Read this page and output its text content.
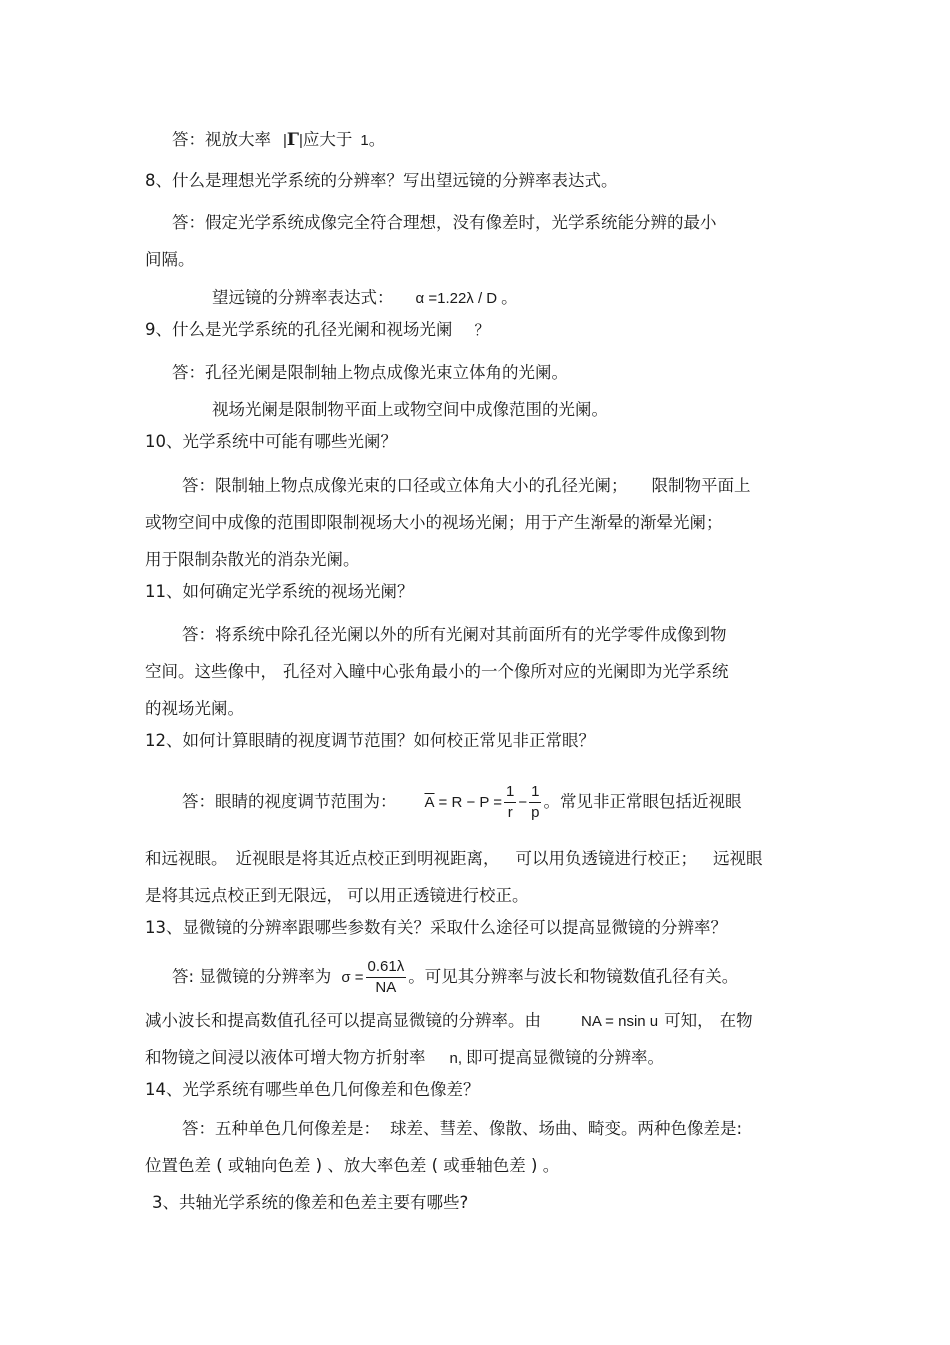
答：视放大率 |Γ|应大于 1。
8、什么是理想光学系统的分辨率？写出望远镜的分辨率表达式。
答：假定光学系统成像完全符合理想，没有像差时，光学系统能分辨的最小
间隔。
望远镜的分辨率表达式： α =1.22λ / D 。
9、什么是光学系统的孔径光阑和视场光阑 ？
答：孔径光阑是限制轴上物点成像光束立体角的光阑。
视场光阑是限制物平面上或物空间中成像范围的光阑。
10、光学系统中可能有哪些光阑？
答：限制轴上物点成像光束的口径或立体角大小的孔径光阑； 限制物平面上
或物空间中成像的范围即限制视场大小的视场光阑；用于产生渐晕的渐晕光阑；
用于限制杂散光的消杂光阑。
11、如何确定光学系统的视场光阑？
答：将系统中除孔径光阑以外的所有光阑对其前面所有的光学零件成像到物
空间。这些像中， 孔径对入瞳中心张角最小的一个像所对应的光阑即为光学系统
的视场光阑。
12、如何计算眼睛的视度调节范围？如何校正常见非正常眼？
答：眼睛的视度调节范围为： $\overline{A} = R - P = \frac{1}{r} - \frac{1}{p}$ 。常见非正常眼包括近视眼
和远视眼。 近视眼是将其近点校正到明视距离， 可以用负透镜进行校正； 远视眼
是将其远点校正到无限远， 可以用正透镜进行校正。
13、显微镜的分辨率跟哪些参数有关？采取什么途径可以提高显微镜的分辨率？
答: 显微镜的分辨率为 $\sigma = \frac{0.61\lambda}{NA}$ 。可见其分辨率与波长和物镜数值孔径有关。
减小波长和提高数值孔径可以提高显微镜的分辨率。由	NA = nsin u 可知， 在物
和物镜之间浸以液体可增大物方折射率 n, 即可提高显微镜的分辨率。
14、光学系统有哪些单色几何像差和色像差？
答：五种单色几何像差是： 球差、彗差、像散、场曲、畸变。两种色像差是:
位置色差 ( 或轴向色差 ) 、放大率色差 ( 或垂轴色差 ) 。
3、共轴光学系统的像差和色差主要有哪些?
